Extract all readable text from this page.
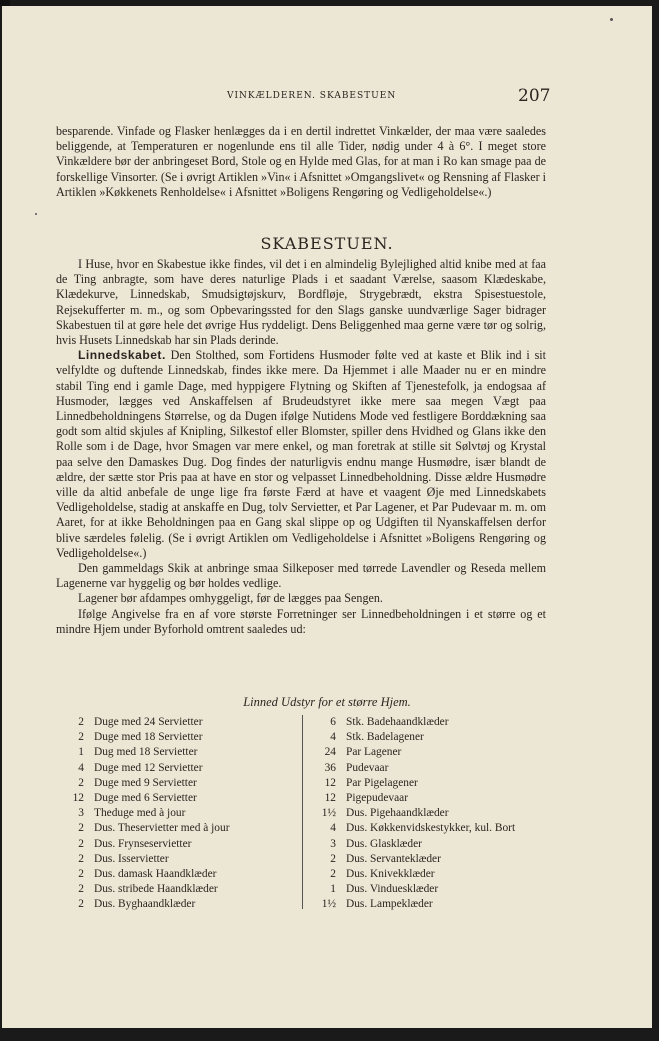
VINKÆLDEREN. SKABESTUEN	207

besparende. Vinfade og Flasker henlægges da i en dertil indrettet Vinkælder, der maa være saaledes beliggende, at Temperaturen er nogenlunde ens til alle Tider, nødig under 4 à 6°. I meget store Vinkældere bør der anbringeset Bord, Stole og en Hylde med Glas, for at man i Ro kan smage paa de forskellige Vinsorter. (Se i øvrigt Artiklen »Vin« i Afsnittet »Omgangslivet« og Rensning af Flasker i Artiklen »Køkkenets Renholdelse« i Afsnittet »Boligens Rengøring og Vedligeholdelse«.)

SKABESTUEN.

I Huse, hvor en Skabestue ikke findes, vil det i en almindelig Bylejlighed altid knibe med at faa de Ting anbragte, som have deres naturlige Plads i et saadant Værelse, saasom Klædeskabe, Klædekurve, Linnedskab, Smudsigtøjskurv, Bordfløje, Strygebrædt, ekstra Spisestuestole, Rejsekufferter m. m., og som Opbevaringssted for den Slags ganske uundværlige Sager bidrager Skabestuen til at gøre hele det øvrige Hus ryddeligt. Dens Beliggenhed maa gerne være tør og solrig, hvis Husets Linnedskab har sin Plads derinde.

Linnedskabet. Den Stolthed, som Fortidens Husmoder følte ved at kaste et Blik ind i sit velfyldte og duftende Linnedskab, findes ikke mere. Da Hjemmet i alle Maader nu er en mindre stabil Ting end i gamle Dage, med hyppigere Flytning og Skiften af Tjenestefolk, ja endogsaa af Husmoder, lægges ved Anskaffelsen af Brudeudstyret ikke mere saa megen Vægt paa Linnedbeholdningens Størrelse, og da Dugen ifølge Nutidens Mode ved festligere Borddækning saa godt som altid skjules af Knipling, Silkestof eller Blomster, spiller dens Hvidhed og Glans ikke den Rolle som i de Dage, hvor Smagen var mere enkel, og man foretrak at stille sit Sølvtøj og Krystal paa selve den Damaskes Dug. Dog findes der naturligvis endnu mange Husmødre, især blandt de ældre, der sætte stor Pris paa at have en stor og velpasset Linnedbeholdning. Disse ældre Husmødre ville da altid anbefale de unge lige fra første Færd at have et vaagent Øje med Linnedskabets Vedligeholdelse, stadig at anskaffe en Dug, tolv Servietter, et Par Lagener, et Par Pudevaar m. m. om Aaret, for at ikke Beholdningen paa en Gang skal slippe op og Udgiften til Nyanskaffelsen derfor blive særdeles følelig. (Se i øvrigt Artiklen om Vedligeholdelse i Afsnittet »Boligens Rengøring og Vedligeholdelse«.)

Den gammeldags Skik at anbringe smaa Silkeposer med tørrede Lavendler og Reseda mellem Lagenerne var hyggelig og bør holdes vedlige.

Lagener bør afdampes omhyggeligt, før de lægges paa Sengen.

Ifølge Angivelse fra en af vore største Forretninger ser Linnedbeholdningen i et større og et mindre Hjem under Byforhold omtrent saaledes ud:

Linned Udstyr for et større Hjem.
2 Duge med 24 Servietter
2 Duge med 18 Servietter
1 Dug med 18 Servietter
4 Duge med 12 Servietter
2 Duge med 9 Servietter
12 Duge med 6 Servietter
3 Theduge med à jour
2 Dus. Theservietter med à jour
2 Dus. Frynseservietter
2 Dus. Isservietter
2 Dus. damask Haandklæder
2 Dus. stribede Haandklæder
2 Dus. Byghaandklæder
6 Stk. Badehaandklæder
4 Stk. Badelagener
24 Par Lagener
36 Pudevaar
12 Par Pigelagener
12 Pigepudevaar
1½ Dus. Pigehaandklæder
4 Dus. Køkkenvidskestykker, kul. Bort
3 Dus. Glasklæder
2 Dus. Servanteklæder
2 Dus. Knivekklæder
1 Dus. Vinduesklæder
1½ Dus. Lampeklæder
